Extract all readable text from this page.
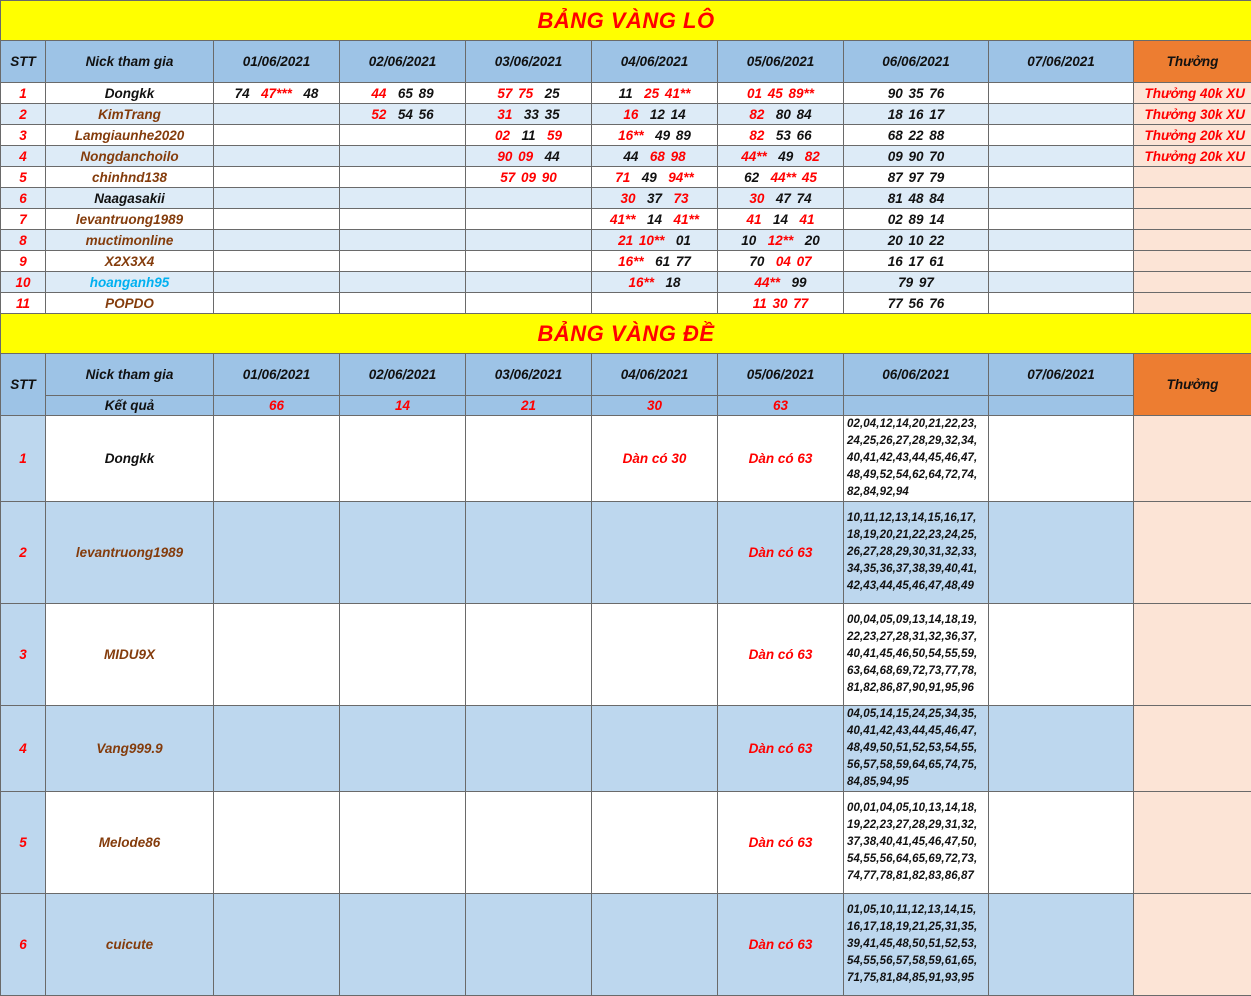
BẢNG VÀNG LÔ									
STT	Nick tham gia	01/06/2021	02/06/2021	03/06/2021	04/06/2021	05/06/2021	06/06/2021	07/06/2021	Thưởng
1	Dongkk	74 47*** 48	44 65 89	57 75 25	11 25 41**	01 45 89**	90 35 76		Thưởng 40k XU
2	KimTrang		52 54 56	31 33 35	16 12 14	82 80 84	18 16 17		Thưởng 30k XU
3	Lamgiaunhe2020			02 11 59	16** 49 89	82 53 66	68 22 88		Thưởng 20k XU
4	Nongdanchoilo			90 09 44	44 68 98	44** 49 82	09 90 70		Thưởng 20k XU
5	chinhnd138			57 09 90	71 49 94**	62 44** 45	87 97 79		
6	Naagasakii				30 37 73	30 47 74	81 48 84		
7	levantruong1989				41** 14 41**	41 14 41	02 89 14		
8	muctimonline				21 10** 01	10 12** 20	20 10 22		
9	X2X3X4				16** 61 77	70 04 07	16 17 61		
10	hoanganh95				16** 18	44** 99	79 97		
11	POPDO					11 30 77	77 56 76		
BẢNG VÀNG ĐỀ									
STT	Nick tham gia	01/06/2021	02/06/2021	03/06/2021	04/06/2021	05/06/2021	06/06/2021	07/06/2021	Thưởng
	Kết quả	66	14	21	30	63			
1	Dongkk				Dàn có 30	Dàn có 63	02,04,12,14,20,21,22,23,
24,25,26,27,28,29,32,34,
40,41,42,43,44,45,46,47,
48,49,52,54,62,64,72,74,
82,84,92,94		
2	levantruong1989					Dàn có 63	10,11,12,13,14,15,16,17,
18,19,20,21,22,23,24,25,
26,27,28,29,30,31,32,33,
34,35,36,37,38,39,40,41,
42,43,44,45,46,47,48,49		
3	MIDU9X					Dàn có 63	00,04,05,09,13,14,18,19,
22,23,27,28,31,32,36,37,
40,41,45,46,50,54,55,59,
63,64,68,69,72,73,77,78,
81,82,86,87,90,91,95,96		
4	Vang999.9					Dàn có 63	04,05,14,15,24,25,34,35,
40,41,42,43,44,45,46,47,
48,49,50,51,52,53,54,55,
56,57,58,59,64,65,74,75,
84,85,94,95		
5	Melode86					Dàn có 63	00,01,04,05,10,13,14,18,
19,22,23,27,28,29,31,32,
37,38,40,41,45,46,47,50,
54,55,56,64,65,69,72,73,
74,77,78,81,82,83,86,87		
6	cuicute					Dàn có 63	01,05,10,11,12,13,14,15,
16,17,18,19,21,25,31,35,
39,41,45,48,50,51,52,53,
54,55,56,57,58,59,61,65,
71,75,81,84,85,91,93,95		
